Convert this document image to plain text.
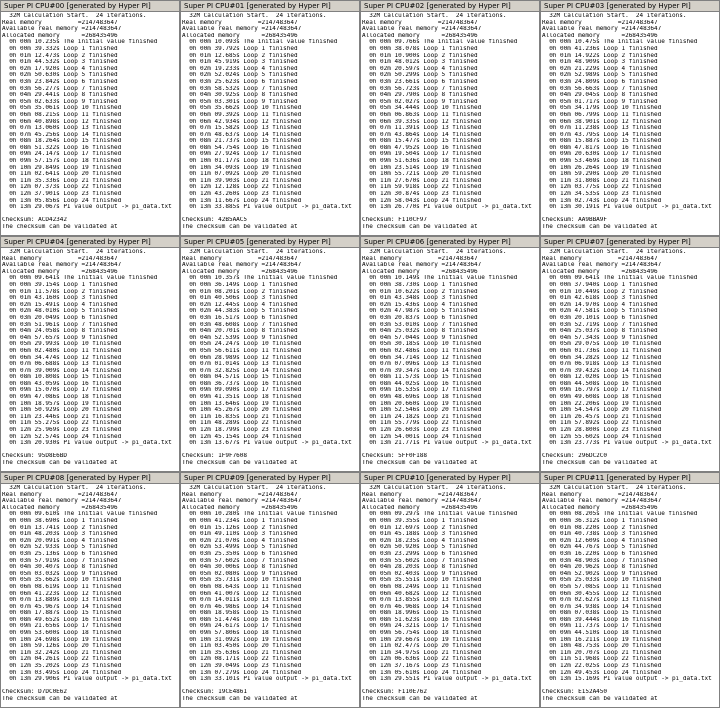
Super PI CPU#00 [generated by Hyper PI]
32M Calculation Start.  24 iterations.
Real memory          =2147483647
Available real memory =2147483647
Allocated memory      =268435496
0h 00m 10.235s The initial value finished
0h 00m 39.332s Loop 1 finished
0h 01m 12.473s Loop 2 finished
0h 01m 44.532s Loop 3 finished
0h 02m 17.920s Loop 4 finished
0h 02m 50.630s Loop 5 finished
0h 03m 23.842s Loop 6 finished
0h 03m 56.277s Loop 7 finished
0h 04m 29.441s Loop 8 finished
0h 05m 02.633s Loop 9 finished
0h 05m 35.061s Loop 10 finished
0h 06m 08.215s Loop 11 finished
0h 06m 40.898s Loop 12 finished
0h 07m 13.060s Loop 13 finished
0h 07m 45.256s Loop 14 finished
0h 08m 18.264s Loop 15 finished
0h 08m 51.322s Loop 16 finished
0h 09m 24.147s Loop 17 finished
0h 09m 57.157s Loop 18 finished
0h 10m 29.849s Loop 19 finished
0h 11m 02.641s Loop 20 finished
0h 11m 35.336s Loop 21 finished
0h 12m 07.373s Loop 22 finished
0h 12m 37.901s Loop 23 finished
0h 13m 05.856s Loop 24 finished
0h 13m 29.067s PI value output -> pi_data.txt
Checksum: ACD42342
The checksum can be validated at
Super PI CPU#01 [generated by Hyper PI]
32M Calculation Start.  24 iterations.
Real memory          =2147483647
Available real memory =2147483647
Allocated memory      =268435496
0h 00m 10.093s The initial value finished
0h 00m 39.792s Loop 1 finished
0h 01m 12.685s Loop 2 finished
0h 01m 45.919s Loop 3 finished
0h 02m 19.233s Loop 4 finished
0h 02m 52.024s Loop 5 finished
0h 03m 25.623s Loop 6 finished
0h 03m 58.532s Loop 7 finished
0h 04m 30.925s Loop 8 finished
0h 05m 03.301s Loop 9 finished
0h 05m 35.662s Loop 10 finished
0h 06m 09.392s Loop 11 finished
0h 06m 42.934s Loop 12 finished
0h 07m 15.582s Loop 13 finished
0h 07m 48.637s Loop 14 finished
0h 08m 21.737s Loop 15 finished
0h 08m 54.754s Loop 16 finished
0h 09m 27.924s Loop 17 finished
0h 10m 01.177s Loop 18 finished
0h 10m 34.093s Loop 19 finished
0h 11m 07.092s Loop 20 finished
0h 11m 39.903s Loop 21 finished
0h 12m 12.128s Loop 22 finished
0h 12m 43.260s Loop 23 finished
0h 13m 11.667s Loop 24 finished
0h 13m 33.885s PI value output -> pi_data.txt
Checksum: 42B5AAC5
The checksum can be validated at
Super PI CPU#02 [generated by Hyper PI]
32M Calculation Start.  24 iterations.
Real memory          =2147483647
Available real memory =2147483647
Allocated memory      =268435496
0h 00m 09.766s The initial value finished
0h 00m 38.078s Loop 1 finished
0h 01m 10.900s Loop 2 finished
0h 01m 48.012s Loop 3 finished
0h 02m 20.597s Loop 4 finished
0h 02m 50.299s Loop 5 finished
0h 03m 23.661s Loop 6 finished
0h 03m 56.723s Loop 7 finished
0h 04m 29.790s Loop 8 finished
0h 05m 02.027s Loop 9 finished
0h 05m 34.444s Loop 10 finished
0h 06m 06.863s Loop 11 finished
0h 06m 39.335s Loop 12 finished
0h 07m 11.391s Loop 13 finished
0h 07m 43.864s Loop 14 finished
0h 08m 15.477s Loop 15 finished
0h 08m 47.952s Loop 16 finished
0h 09m 19.504s Loop 17 finished
0h 09m 51.636s Loop 18 finished
0h 10m 23.514s Loop 19 finished
0h 10m 55.721s Loop 20 finished
0h 11m 27.670s Loop 21 finished
0h 11m 59.918s Loop 22 finished
0h 12m 30.874s Loop 23 finished
0h 12m 58.043s Loop 24 finished
0h 13m 26.770s PI value output -> pi_data.txt
Checksum: F110CF97
The checksum can be validated at
Super PI CPU#03 [generated by Hyper PI]
32M Calculation Start.  24 iterations.
Real memory          =2147483647
Available real memory =2147483647
Allocated memory      =268435496
0h 00m 10.475s The initial value finished
0h 00m 41.236s Loop 1 finished
0h 01m 14.922s Loop 2 finished
0h 01m 48.909s Loop 3 finished
0h 02m 21.229s Loop 4 finished
0h 02m 52.989s Loop 5 finished
0h 03m 24.809s Loop 6 finished
0h 03m 56.663s Loop 7 finished
0h 04m 29.045s Loop 8 finished
0h 05m 01.717s Loop 9 finished
0h 05m 34.179s Loop 10 finished
0h 06m 06.799s Loop 11 finished
0h 06m 38.901s Loop 12 finished
0h 07m 11.238s Loop 13 finished
0h 07m 43.795s Loop 14 finished
0h 08m 15.887s Loop 15 finished
0h 08m 47.817s Loop 16 finished
0h 09m 20.630s Loop 17 finished
0h 09m 53.469s Loop 18 finished
0h 10m 26.264s Loop 19 finished
0h 10m 59.290s Loop 20 finished
0h 11m 31.808s Loop 21 finished
0h 12m 03.775s Loop 22 finished
0h 12m 34.535s Loop 23 finished
0h 13m 02.743s Loop 24 finished
0h 13m 30.191s PI value output -> pi_data.txt
Checksum: AA9BBA9F
The checksum can be validated at
Super PI CPU#04 [generated by Hyper PI]
32M Calculation Start.  24 iterations.
Real memory          =2147483647
Available real memory =2147483647
Allocated memory      =268435496
0h 00m 09.641s The initial value finished
0h 00m 39.154s Loop 1 finished
0h 01m 11.578s Loop 2 finished
0h 01m 43.160s Loop 3 finished
0h 02m 15.491s Loop 4 finished
0h 02m 48.010s Loop 5 finished
0h 03m 20.049s Loop 6 finished
0h 03m 51.961s Loop 7 finished
0h 04m 24.058s Loop 8 finished
0h 04m 57.657s Loop 9 finished
0h 05m 29.993s Loop 10 finished
0h 06m 02.480s Loop 11 finished
0h 06m 34.474s Loop 12 finished
0h 07m 06.688s Loop 13 finished
0h 07m 39.009s Loop 14 finished
0h 08m 10.808s Loop 15 finished
0h 08m 43.059s Loop 16 finished
0h 09m 15.070s Loop 17 finished
0h 09m 47.086s Loop 18 finished
0h 10m 18.957s Loop 19 finished
0h 10m 50.929s Loop 20 finished
0h 11m 23.446s Loop 21 finished
0h 11m 55.275s Loop 22 finished
0h 12m 25.969s Loop 23 finished
0h 12m 52.574s Loop 24 finished
0h 13m 20.930s PI value output -> pi_data.txt
Checksum: 95D8E6BD
The checksum can be validated at
Super PI CPU#05 [generated by Hyper PI]
32M Calculation Start.  24 iterations.
Real memory          =2147483647
Available real memory =2147483647
Allocated memory      =268435496
0h 00m 10.357s The initial value finished
0h 00m 36.149s Loop 1 finished
0h 01m 08.201s Loop 2 finished
0h 01m 40.506s Loop 3 finished
0h 02m 12.445s Loop 4 finished
0h 02m 44.383s Loop 5 finished
0h 03m 16.517s Loop 6 finished
0h 03m 48.608s Loop 7 finished
0h 04m 20.701s Loop 8 finished
0h 04m 52.539s Loop 9 finished
0h 05m 24.247s Loop 10 finished
0h 05m 56.611s Loop 11 finished
0h 06m 28.989s Loop 12 finished
0h 07m 01.014s Loop 13 finished
0h 07m 32.825s Loop 14 finished
0h 08m 04.571s Loop 15 finished
0h 08m 36.737s Loop 16 finished
0h 09m 09.090s Loop 17 finished
0h 09m 41.351s Loop 18 finished
0h 10m 13.646s Loop 19 finished
0h 10m 45.267s Loop 20 finished
0h 11m 16.835s Loop 21 finished
0h 11m 48.289s Loop 22 finished
0h 12m 18.799s Loop 23 finished
0h 12m 45.154s Loop 24 finished
0h 13m 13.677s PI value output -> pi_data.txt
Checksum: 1F9F7608
The checksum can be validated at
Super PI CPU#06 [generated by Hyper PI]
32M Calculation Start.  24 iterations.
Real memory          =2147483647
Available real memory =2147483647
Allocated memory      =268435496
0h 00m 10.149s The initial value finished
0h 00m 38.730s Loop 1 finished
0h 01m 10.622s Loop 2 finished
0h 01m 43.348s Loop 3 finished
0h 02m 15.436s Loop 4 finished
0h 02m 47.987s Loop 5 finished
0h 03m 20.837s Loop 6 finished
0h 03m 53.010s Loop 7 finished
0h 04m 25.032s Loop 8 finished
0h 04m 57.044s Loop 9 finished
0h 05m 30.185s Loop 10 finished
0h 06m 02.486s Loop 11 finished
0h 06m 34.714s Loop 12 finished
0h 07m 07.096s Loop 13 finished
0h 07m 39.347s Loop 14 finished
0h 08m 11.573s Loop 15 finished
0h 08m 44.025s Loop 16 finished
0h 09m 16.535s Loop 17 finished
0h 09m 48.696s Loop 18 finished
0h 10m 20.660s Loop 19 finished
0h 10m 52.546s Loop 20 finished
0h 11m 24.182s Loop 21 finished
0h 11m 55.779s Loop 22 finished
0h 12m 26.603s Loop 23 finished
0h 12m 54.001s Loop 24 finished
0h 13m 21.771s PI value output -> pi_data.txt
Checksum: 5FF0F188
The checksum can be validated at
Super PI CPU#07 [generated by Hyper PI]
32M Calculation Start.  24 iterations.
Real memory          =2147483647
Available real memory =2147483647
Allocated memory      =268435496
0h 00m 09.641s The initial value finished
0h 00m 37.940s Loop 1 finished
0h 01m 10.449s Loop 2 finished
0h 01m 42.618s Loop 3 finished
0h 02m 14.970s Loop 4 finished
0h 02m 47.581s Loop 5 finished
0h 03m 20.101s Loop 6 finished
0h 03m 52.719s Loop 7 finished
0h 04m 25.037s Loop 8 finished
0h 04m 57.343s Loop 9 finished
0h 05m 29.075s Loop 10 finished
0h 06m 01.736s Loop 11 finished
0h 06m 34.282s Loop 12 finished
0h 07m 06.918s Loop 13 finished
0h 07m 39.432s Loop 14 finished
0h 08m 12.020s Loop 15 finished
0h 08m 44.508s Loop 16 finished
0h 09m 16.797s Loop 17 finished
0h 09m 49.608s Loop 18 finished
0h 10m 22.206s Loop 19 finished
0h 10m 54.547s Loop 20 finished
0h 11m 26.457s Loop 21 finished
0h 11m 57.892s Loop 22 finished
0h 12m 28.800s Loop 23 finished
0h 12m 55.602s Loop 24 finished
0h 13m 23.773s PI value output -> pi_data.txt
Checksum: 296DC2C0
The checksum can be validated at
Super PI CPU#08 [generated by Hyper PI]
32M Calculation Start.  24 iterations.
Real memory          =2147483647
Available real memory =2147483647
Allocated memory      =268435496
0h 00m 09.610s The initial value finished
0h 00m 38.690s Loop 1 finished
0h 01m 13.741s Loop 2 finished
0h 01m 48.203s Loop 3 finished
0h 02m 20.091s Loop 4 finished
0h 02m 52.933s Loop 5 finished
0h 03m 25.136s Loop 6 finished
0h 03m 57.919s Loop 7 finished
0h 04m 30.407s Loop 8 finished
0h 05m 03.032s Loop 9 finished
0h 05m 35.662s Loop 10 finished
0h 06m 08.619s Loop 11 finished
0h 06m 41.223s Loop 12 finished
0h 07m 13.889s Loop 13 finished
0h 07m 45.967s Loop 14 finished
0h 08m 17.887s Loop 15 finished
0h 08m 49.652s Loop 16 finished
0h 09m 21.656s Loop 17 finished
0h 09m 53.600s Loop 18 finished
0h 10m 24.698s Loop 19 finished
0h 10m 59.126s Loop 20 finished
0h 11m 32.242s Loop 21 finished
0h 12m 04.261s Loop 22 finished
0h 12m 35.202s Loop 23 finished
0h 13m 03.495s Loop 24 finished
0h 13m 29.906s PI value output -> pi_data.txt
Checksum: D7DC0E62
The checksum can be validated at
Super PI CPU#09 [generated by Hyper PI]
32M Calculation Start.  24 iterations.
Real memory          =2147483647
Available real memory =2147483647
Allocated memory      =268435496
0h 00m 10.280s The initial value finished
0h 00m 41.234s Loop 1 finished
0h 01m 15.126s Loop 2 finished
0h 01m 49.110s Loop 3 finished
0h 02m 21.070s Loop 4 finished
0h 02m 53.499s Loop 5 finished
0h 03m 25.350s Loop 6 finished
0h 03m 57.602s Loop 7 finished
0h 04m 30.006s Loop 8 finished
0h 05m 02.080s Loop 9 finished
0h 05m 35.731s Loop 10 finished
0h 06m 08.643s Loop 11 finished
0h 06m 41.007s Loop 12 finished
0h 07m 14.011s Loop 13 finished
0h 07m 46.986s Loop 14 finished
0h 08m 18.958s Loop 15 finished
0h 08m 51.474s Loop 16 finished
0h 09m 24.617s Loop 17 finished
0h 09m 57.806s Loop 18 finished
0h 10m 31.092s Loop 19 finished
0h 11m 03.450s Loop 20 finished
0h 11m 35.636s Loop 21 finished
0h 12m 08.171s Loop 22 finished
0h 12m 39.049s Loop 23 finished
0h 13m 07.279s Loop 24 finished
0h 13m 33.101s PI value output -> pi_data.txt
Checksum: 19CE4861
The checksum can be validated at
Super PI CPU#10 [generated by Hyper PI]
32M Calculation Start.  24 iterations.
Real memory          =2147483647
Available real memory =2147483647
Allocated memory      =268435496
0h 00m 09.297s The initial value finished
0h 00m 39.355s Loop 1 finished
0h 01m 12.697s Loop 2 finished
0h 01m 45.188s Loop 3 finished
0h 02m 18.235s Loop 4 finished
0h 02m 50.920s Loop 5 finished
0h 03m 23.299s Loop 6 finished
0h 03m 55.602s Loop 7 finished
0h 04m 28.203s Loop 8 finished
0h 05m 02.403s Loop 9 finished
0h 05m 35.551s Loop 10 finished
0h 06m 08.249s Loop 11 finished
0h 06m 40.682s Loop 12 finished
0h 07m 13.855s Loop 13 finished
0h 07m 46.968s Loop 14 finished
0h 08m 18.996s Loop 15 finished
0h 08m 51.623s Loop 16 finished
0h 09m 24.321s Loop 17 finished
0h 09m 56.754s Loop 18 finished
0h 10m 29.667s Loop 19 finished
0h 11m 02.477s Loop 20 finished
0h 11m 34.975s Loop 21 finished
0h 12m 06.636s Loop 22 finished
0h 12m 37.167s Loop 23 finished
0h 13m 05.610s Loop 24 finished
0h 13m 29.551s PI value output -> pi_data.txt
Checksum: F110E762
The checksum can be validated at
Super PI CPU#11 [generated by Hyper PI]
32M Calculation Start.  24 iterations.
Real memory          =2147483647
Available real memory =2147483647
Allocated memory      =268435496
0h 00m 08.205s The initial value finished
0h 00m 36.312s Loop 1 finished
0h 01m 08.220s Loop 2 finished
0h 01m 40.738s Loop 3 finished
0h 02m 12.609s Loop 4 finished
0h 02m 44.767s Loop 5 finished
0h 03m 16.220s Loop 6 finished
0h 03m 48.903s Loop 7 finished
0h 04m 20.962s Loop 8 finished
0h 04m 52.902s Loop 9 finished
0h 05m 25.033s Loop 10 finished
0h 05m 57.085s Loop 11 finished
0h 06m 30.455s Loop 12 finished
0h 07m 02.627s Loop 13 finished
0h 07m 34.938s Loop 14 finished
0h 08m 07.038s Loop 15 finished
0h 08m 39.444s Loop 16 finished
0h 09m 11.737s Loop 17 finished
0h 09m 44.510s Loop 18 finished
0h 10m 16.211s Loop 19 finished
0h 10m 48.753s Loop 20 finished
0h 11m 20.707s Loop 21 finished
0h 11m 51.968s Loop 22 finished
0h 12m 22.025s Loop 23 finished
0h 12m 49.453s Loop 24 finished
0h 13m 15.169s PI value output -> pi_data.txt
Checksum: E152A450
The checksum can be validated at
